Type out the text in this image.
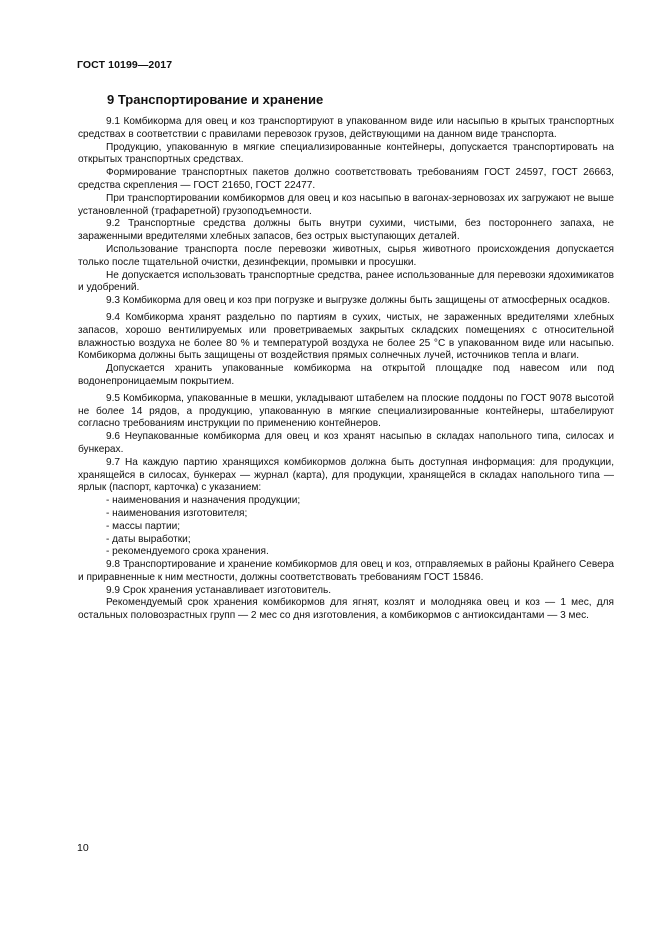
ГОСТ 10199—2017
9 Транспортирование и хранение

9.1 Комбикорма для овец и коз транспортируют в упакованном виде или насыпью в крытых транспортных средствах в соответствии с правилами перевозок грузов, действующими на данном виде транспорта.

Продукцию, упакованную в мягкие специализированные контейнеры, допускается транспортировать на открытых транспортных средствах.

Формирование транспортных пакетов должно соответствовать требованиям ГОСТ 24597, ГОСТ 26663, средства скрепления — ГОСТ 21650, ГОСТ 22477.

При транспортировании комбикормов для овец и коз насыпью в вагонах-зерновозах их загружают не выше установленной (трафаретной) грузоподъемности.

9.2 Транспортные средства должны быть внутри сухими, чистыми, без постороннего запаха, не зараженными вредителями хлебных запасов, без острых выступающих деталей.

Использование транспорта после перевозки животных, сырья животного происхождения допускается только после тщательной очистки, дезинфекции, промывки и просушки.

Не допускается использовать транспортные средства, ранее использованные для перевозки ядохимикатов и удобрений.

9.3 Комбикорма для овец и коз при погрузке и выгрузке должны быть защищены от атмосферных осадков.

9.4 Комбикорма хранят раздельно по партиям в сухих, чистых, не зараженных вредителями хлебных запасов, хорошо вентилируемых или проветриваемых закрытых складских помещениях с относительной влажностью воздуха не более 80 % и температурой воздуха не более 25 °С в упакованном виде или насыпью. Комбикорма должны быть защищены от воздействия прямых солнечных лучей, источников тепла и влаги.

Допускается хранить упакованные комбикорма на открытой площадке под навесом или под водонепроницаемым покрытием.

9.5 Комбикорма, упакованные в мешки, укладывают штабелем на плоские поддоны по ГОСТ 9078 высотой не более 14 рядов, а продукцию, упакованную в мягкие специализированные контейнеры, штабелируют согласно требованиям инструкции по применению контейнеров.

9.6 Неупакованные комбикорма для овец и коз хранят насыпью в складах напольного типа, силосах и бункерах.

9.7 На каждую партию хранящихся комбикормов должна быть доступная информация: для продукции, хранящейся в силосах, бункерах — журнал (карта), для продукции, хранящейся в складах напольного типа — ярлык (паспорт, карточка) с указанием:

- наименования и назначения продукции;
- наименования изготовителя;
- массы партии;
- даты выработки;
- рекомендуемого срока хранения.

9.8 Транспортирование и хранение комбикормов для овец и коз, отправляемых в районы Крайнего Севера и приравненные к ним местности, должны соответствовать требованиям ГОСТ 15846.

9.9 Срок хранения устанавливает изготовитель.

Рекомендуемый срок хранения комбикормов для ягнят, козлят и молодняка овец и коз — 1 мес, для остальных половозрастных групп — 2 мес со дня изготовления, а комбикормов с антиоксидантами — 3 мес.

10
